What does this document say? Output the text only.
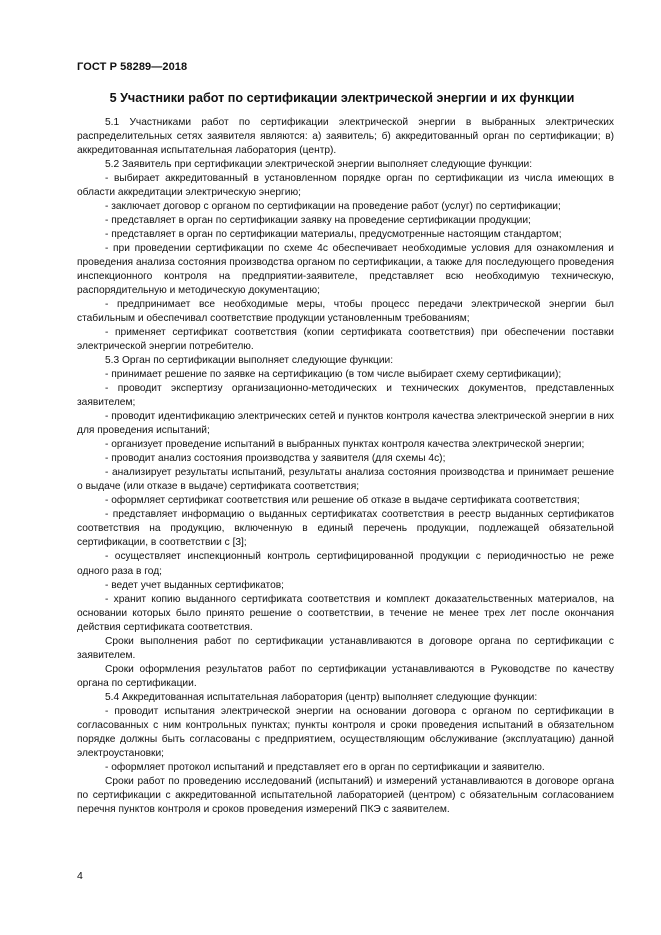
ГОСТ Р 58289—2018
5 Участники работ по сертификации электрической энергии и их функции

5.1 Участниками работ по сертификации электрической энергии в выбранных электрических распределительных сетях заявителя являются: а) заявитель; б) аккредитованный орган по сертификации; в) аккредитованная испытательная лаборатория (центр).

5.2 Заявитель при сертификации электрической энергии выполняет следующие функции:

- выбирает аккредитованный в установленном порядке орган по сертификации из числа имеющих в области аккредитации электрическую энергию;

- заключает договор с органом по сертификации на проведение работ (услуг) по сертификации;

- представляет в орган по сертификации заявку на проведение сертификации продукции;

- представляет в орган по сертификации материалы, предусмотренные настоящим стандартом;

- при проведении сертификации по схеме 4с обеспечивает необходимые условия для ознакомления и проведения анализа состояния производства органом по сертификации, а также для последующего проведения инспекционного контроля на предприятии-заявителе, представляет всю необходимую техническую, распорядительную и методическую документацию;

- предпринимает все необходимые меры, чтобы процесс передачи электрической энергии был стабильным и обеспечивал соответствие продукции установленным требованиям;

- применяет сертификат соответствия (копии сертификата соответствия) при обеспечении поставки электрической энергии потребителю.

5.3 Орган по сертификации выполняет следующие функции:

- принимает решение по заявке на сертификацию (в том числе выбирает схему сертификации);

- проводит экспертизу организационно-методических и технических документов, представленных заявителем;

- проводит идентификацию электрических сетей и пунктов контроля качества электрической энергии в них для проведения испытаний;

- организует проведение испытаний в выбранных пунктах контроля качества электрической энергии;

- проводит анализ состояния производства у заявителя (для схемы 4с);

- анализирует результаты испытаний, результаты анализа состояния производства и принимает решение о выдаче (или отказе в выдаче) сертификата соответствия;

- оформляет сертификат соответствия или решение об отказе в выдаче сертификата соответствия;

- представляет информацию о выданных сертификатах соответствия в реестр выданных сертификатов соответствия на продукцию, включенную в единый перечень продукции, подлежащей обязательной сертификации, в соответствии с [3];

- осуществляет инспекционный контроль сертифицированной продукции с периодичностью не реже одного раза в год;

- ведет учет выданных сертификатов;

- хранит копию выданного сертификата соответствия и комплект доказательственных материалов, на основании которых было принято решение о соответствии, в течение не менее трех лет после окончания действия сертификата соответствия.

Сроки выполнения работ по сертификации устанавливаются в договоре органа по сертификации с заявителем.

Сроки оформления результатов работ по сертификации устанавливаются в Руководстве по качеству органа по сертификации.

5.4 Аккредитованная испытательная лаборатория (центр) выполняет следующие функции:

- проводит испытания электрической энергии на основании договора с органом по сертификации в согласованных с ним контрольных пунктах; пункты контроля и сроки проведения испытаний в обязательном порядке должны быть согласованы с предприятием, осуществляющим обслуживание (эксплуатацию) данной электроустановки;

- оформляет протокол испытаний и представляет его в орган по сертификации и заявителю.

Сроки работ по проведению исследований (испытаний) и измерений устанавливаются в договоре органа по сертификации с аккредитованной испытательной лабораторией (центром) с обязательным согласованием перечня пунктов контроля и сроков проведения измерений ПКЭ с заявителем.

4
